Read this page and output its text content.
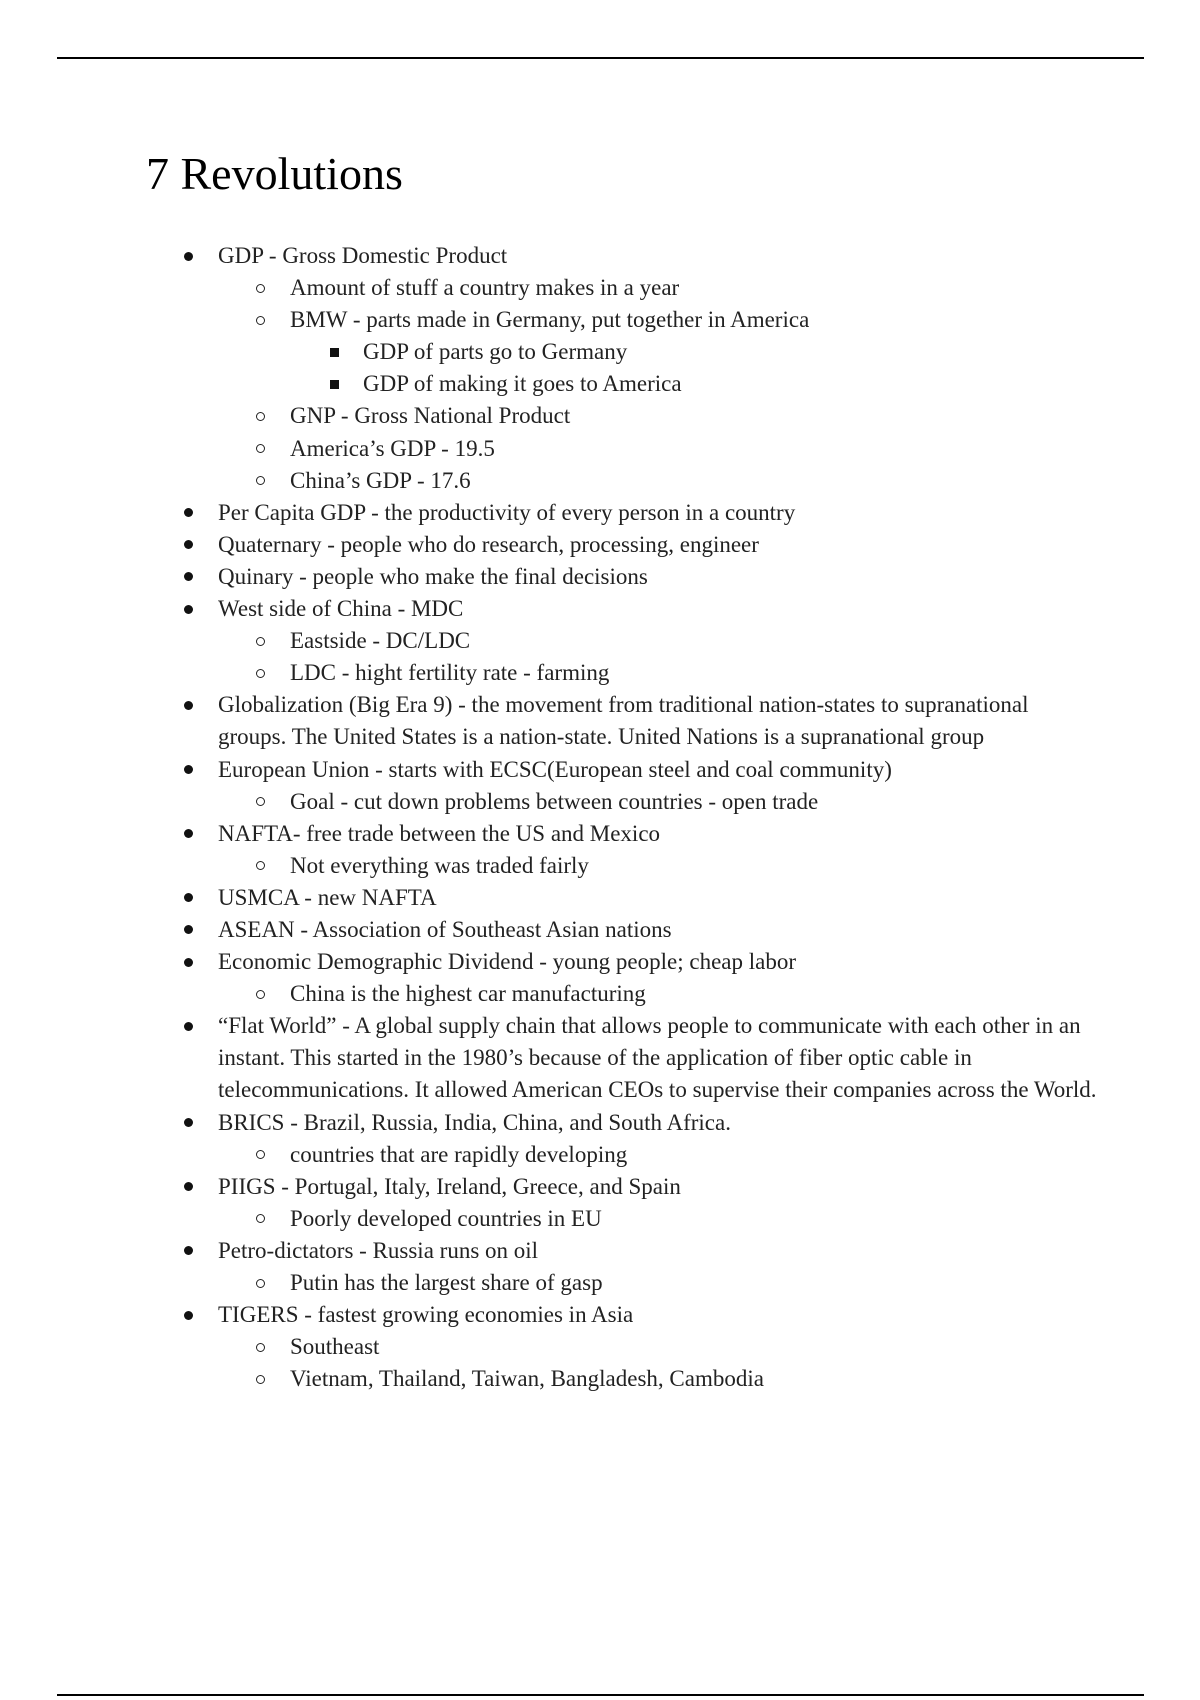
7 Revolutions
GDP - Gross Domestic Product
Amount of stuff a country makes in a year
BMW - parts made in Germany, put together in America
GDP of parts go to Germany
GDP of making it goes to America
GNP - Gross National Product
America’s GDP - 19.5
China’s GDP - 17.6
Per Capita GDP - the productivity of every person in a country
Quaternary - people who do research, processing, engineer
Quinary - people who make the final decisions
West side of China - MDC
Eastside - DC/LDC
LDC - hight fertility rate - farming
Globalization (Big Era 9) - the movement from traditional nation-states to supranational groups. The United States is a nation-state. United Nations is a supranational group
European Union - starts with ECSC(European steel and coal community)
Goal - cut down problems between countries - open trade
NAFTA- free trade between the US and Mexico
Not everything was traded fairly
USMCA - new NAFTA
ASEAN - Association of Southeast Asian nations
Economic Demographic Dividend - young people; cheap labor
China is the highest car manufacturing
“Flat World” - A global supply chain that allows people to communicate with each other in an instant. This started in the 1980’s because of the application of fiber optic cable in telecommunications. It allowed American CEOs to supervise their companies across the World.
BRICS - Brazil, Russia, India, China, and South Africa.
countries that are rapidly developing
PIIGS - Portugal, Italy, Ireland, Greece, and Spain
Poorly developed countries in EU
Petro-dictators - Russia runs on oil
Putin has the largest share of gasp
TIGERS - fastest growing economies in Asia
Southeast
Vietnam, Thailand, Taiwan, Bangladesh, Cambodia
